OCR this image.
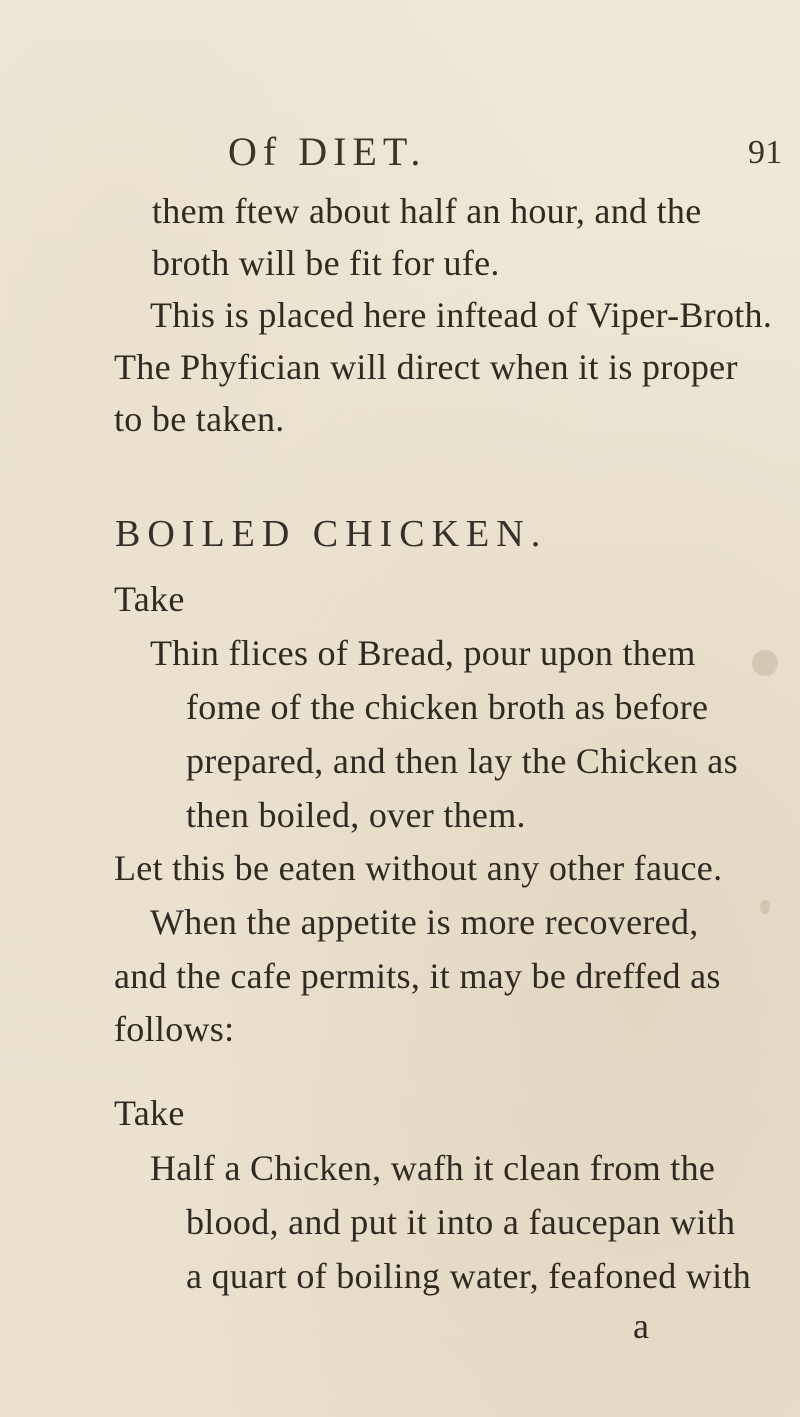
Of DIET.	91
them ftew about half an hour, and the
broth will be fit for ufe.
This is placed here inftead of Viper-Broth.
The Phyfician will direct when it is proper
to be taken.
BOILED CHICKEN.
Take
Thin flices of Bread, pour upon them
fome of the chicken broth as before
prepared, and then lay the Chicken as
then boiled, over them.
Let this be eaten without any other fauce.
When the appetite is more recovered,
and the cafe permits, it may be dreffed as
follows:
Take
Half a Chicken, wafh it clean from the
blood, and put it into a faucepan with
a quart of boiling water, feafoned with
a
